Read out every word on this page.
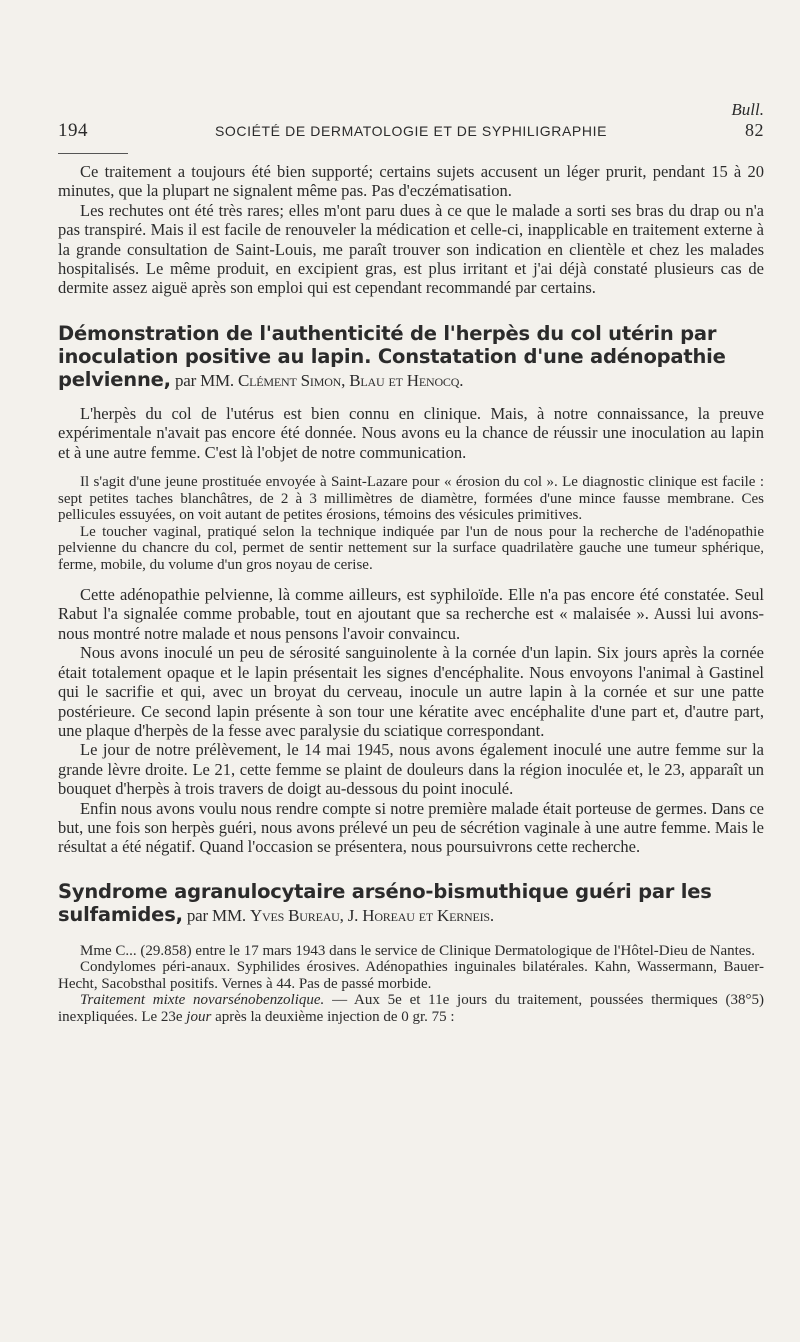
Bull.
194	SOCIÉTÉ DE DERMATOLOGIE ET DE SYPHILIGRAPHIE	82

Ce traitement a toujours été bien supporté; certains sujets accusent un léger prurit, pendant 15 à 20 minutes, que la plupart ne signalent même pas. Pas d'eczématisation.

Les rechutes ont été très rares; elles m'ont paru dues à ce que le malade a sorti ses bras du drap ou n'a pas transpiré. Mais il est facile de renouveler la médication et celle-ci, inapplicable en traitement externe à la grande consultation de Saint-Louis, me paraît trouver son indication en clientèle et chez les malades hospitalisés. Le même produit, en excipient gras, est plus irritant et j'ai déjà constaté plusieurs cas de dermite assez aiguë après son emploi qui est cependant recommandé par certains.

Démonstration de l'authenticité de l'herpès du col utérin par inoculation positive au lapin. Constatation d'une adénopathie pelvienne, par MM. Clément Simon, Blau et Henocq.

L'herpès du col de l'utérus est bien connu en clinique. Mais, à notre connaissance, la preuve expérimentale n'avait pas encore été donnée. Nous avons eu la chance de réussir une inoculation au lapin et à une autre femme. C'est là l'objet de notre communication.

Il s'agit d'une jeune prostituée envoyée à Saint-Lazare pour « érosion du col ». Le diagnostic clinique est facile : sept petites taches blanchâtres, de 2 à 3 millimètres de diamètre, formées d'une mince fausse membrane. Ces pellicules essuyées, on voit autant de petites érosions, témoins des vésicules primitives.

Le toucher vaginal, pratiqué selon la technique indiquée par l'un de nous pour la recherche de l'adénopathie pelvienne du chancre du col, permet de sentir nettement sur la surface quadrilatère gauche une tumeur sphérique, ferme, mobile, du volume d'un gros noyau de cerise.

Cette adénopathie pelvienne, là comme ailleurs, est syphiloïde. Elle n'a pas encore été constatée. Seul Rabut l'a signalée comme probable, tout en ajoutant que sa recherche est « malaisée ». Aussi lui avons-nous montré notre malade et nous pensons l'avoir convaincu.

Nous avons inoculé un peu de sérosité sanguinolente à la cornée d'un lapin. Six jours après la cornée était totalement opaque et le lapin présentait les signes d'encéphalite. Nous envoyons l'animal à Gastinel qui le sacrifie et qui, avec un broyat du cerveau, inocule un autre lapin à la cornée et sur une patte postérieure. Ce second lapin présente à son tour une kératite avec encéphalite d'une part et, d'autre part, une plaque d'herpès de la fesse avec paralysie du sciatique correspondant.

Le jour de notre prélèvement, le 14 mai 1945, nous avons également inoculé une autre femme sur la grande lèvre droite. Le 21, cette femme se plaint de douleurs dans la région inoculée et, le 23, apparaît un bouquet d'herpès à trois travers de doigt au-dessous du point inoculé.

Enfin nous avons voulu nous rendre compte si notre première malade était porteuse de germes. Dans ce but, une fois son herpès guéri, nous avons prélevé un peu de sécrétion vaginale à une autre femme. Mais le résultat a été négatif. Quand l'occasion se présentera, nous poursuivrons cette recherche.

Syndrome agranulocytaire arséno-bismuthique guéri par les sulfamides, par MM. Yves Bureau, J. Horeau et Kerneis.

Mme C... (29.858) entre le 17 mars 1943 dans le service de Clinique Dermatologique de l'Hôtel-Dieu de Nantes.

Condylomes péri-anaux. Syphilides érosives. Adénopathies inguinales bilatérales. Kahn, Wassermann, Bauer-Hecht, Sacobsthal positifs. Vernes à 44. Pas de passé morbide.

Traitement mixte novarsénobenzolique. — Aux 5e et 11e jours du traitement, poussées thermiques (38°5) inexpliquées. Le 23e jour après la deuxième injection de 0 gr. 75 :
